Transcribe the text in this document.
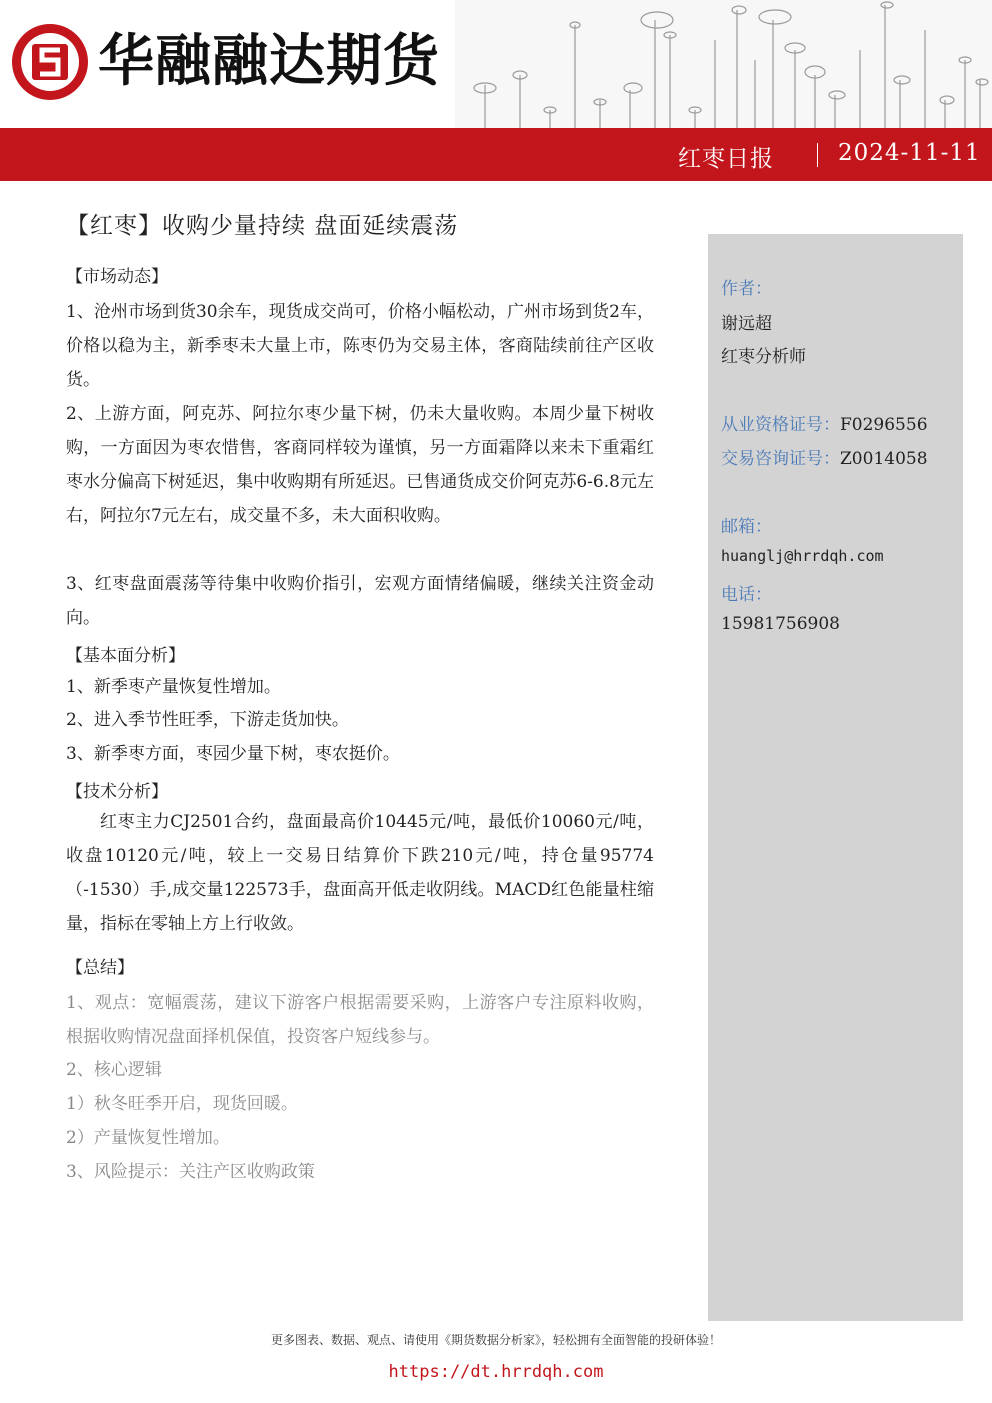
华融融达期货
红枣日报	2024-11-11
作者：
谢远超
红枣分析师
从业资格证号：F0296556
交易咨询证号：Z0014058
邮箱：
huanglj@hrrdqh.com
电话：
15981756908
【红枣】收购少量持续 盘面延续震荡
【市场动态】
1、沧州市场到货30余车，现货成交尚可，价格小幅松动，广州市场到货2车，价格以稳为主，新季枣未大量上市，陈枣仍为交易主体，客商陆续前往产区收货。
2、上游方面，阿克苏、阿拉尔枣少量下树，仍未大量收购。本周少量下树收购，一方面因为枣农惜售，客商同样较为谨慎，另一方面霜降以来未下重霜红枣水分偏高下树延迟，集中收购期有所延迟。已售通货成交价阿克苏6-6.8元左右，阿拉尔7元左右，成交量不多，未大面积收购。
3、红枣盘面震荡等待集中收购价指引，宏观方面情绪偏暖，继续关注资金动向。
【基本面分析】
1、新季枣产量恢复性增加。
2、进入季节性旺季，下游走货加快。
3、新季枣方面，枣园少量下树，枣农挺价。
【技术分析】
红枣主力CJ2501合约，盘面最高价10445元/吨，最低价10060元/吨，收盘10120元/吨，较上一交易日结算价下跌210元/吨，持仓量95774（-1530）手,成交量122573手，盘面高开低走收阴线。MACD红色能量柱缩量，指标在零轴上方上行收敛。
【总结】
1、观点：宽幅震荡，建议下游客户根据需要采购，上游客户专注原料收购，根据收购情况盘面择机保值，投资客户短线参与。
2、核心逻辑
1）秋冬旺季开启，现货回暖。
2）产量恢复性增加。
3、风险提示：关注产区收购政策
更多图表、数据、观点、请使用《期货数据分析家》，轻松拥有全面智能的投研体验！
https://dt.hrrdqh.com
